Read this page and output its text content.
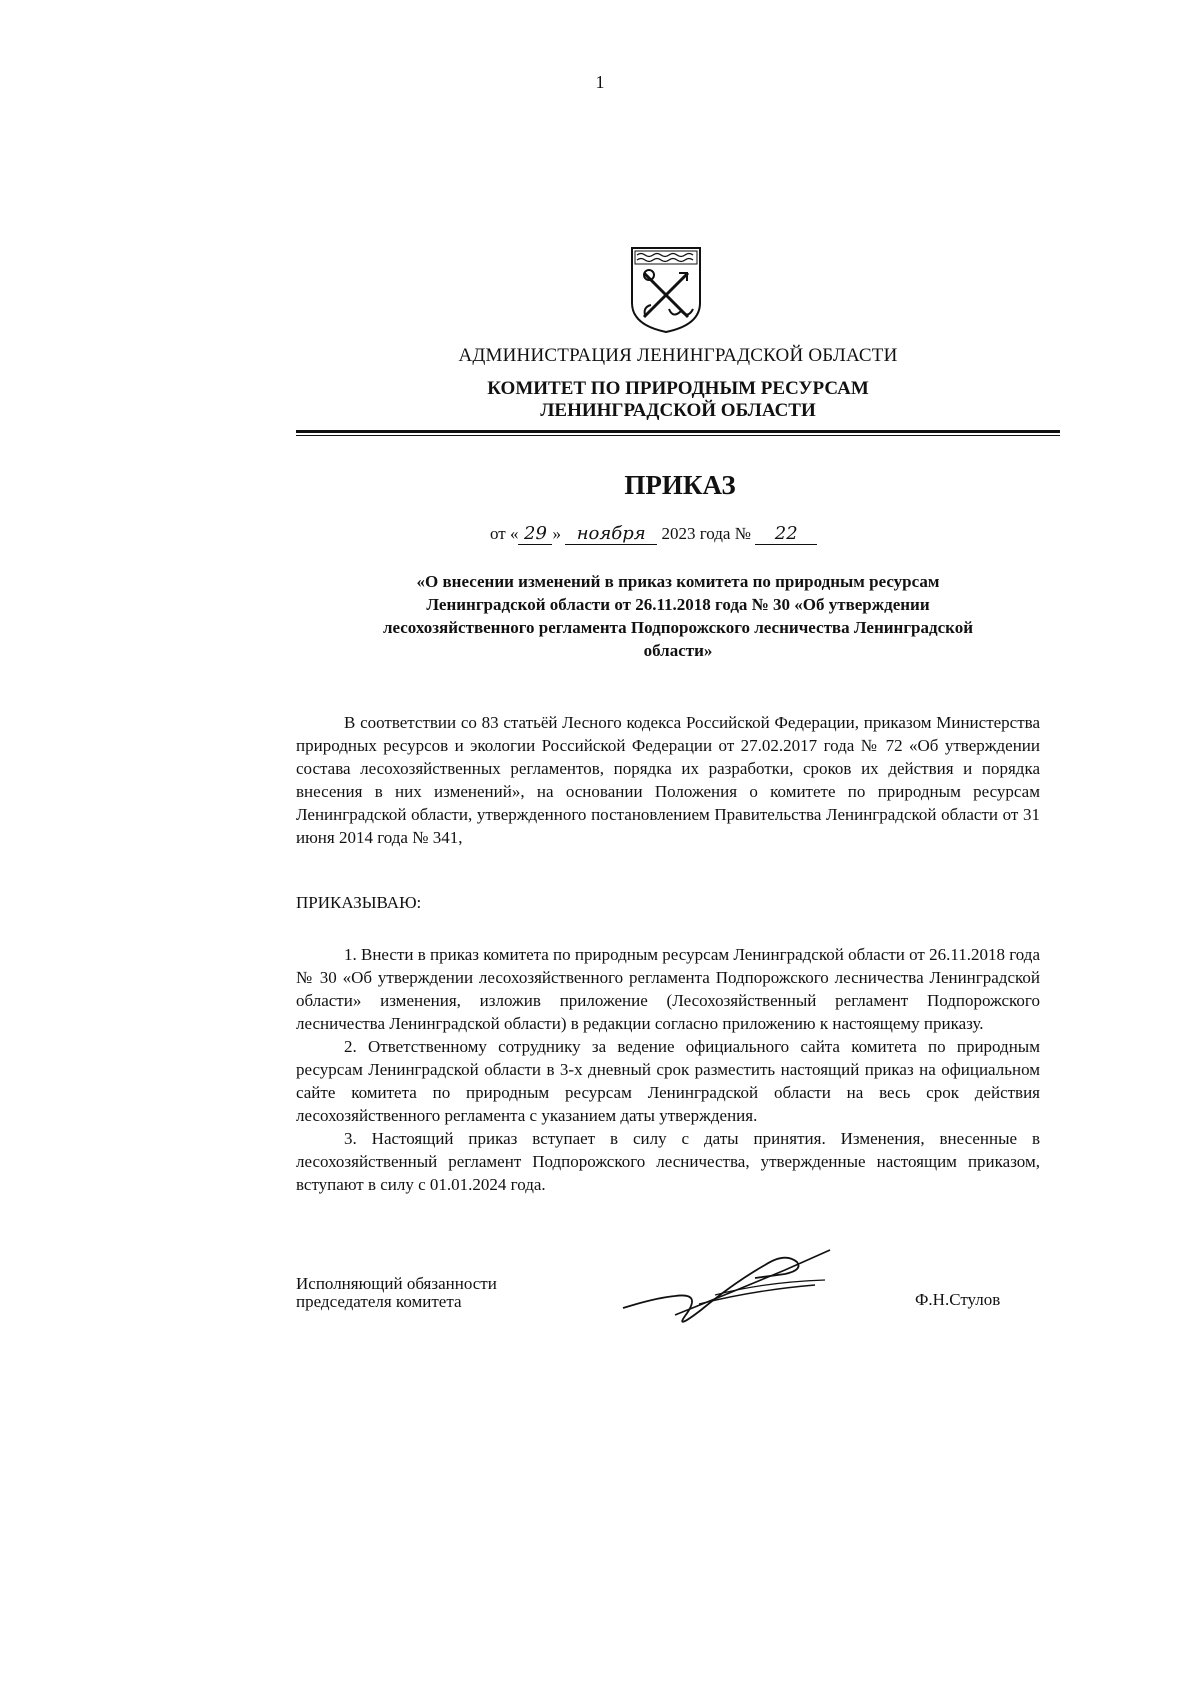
1
АДМИНИСТРАЦИЯ ЛЕНИНГРАДСКОЙ ОБЛАСТИ
КОМИТЕТ ПО ПРИРОДНЫМ РЕСУРСАМ
ЛЕНИНГРАДСКОЙ ОБЛАСТИ
ПРИКАЗ
от « 29 » ноября 2023 года № 22
«О внесении изменений в приказ комитета по природным ресурсам
Ленинградской области от 26.11.2018 года № 30 «Об утверждении
лесохозяйственного регламента Подпорожского лесничества Ленинградской
области»
В соответствии со 83 статьёй Лесного кодекса Российской Федерации, приказом Министерства природных ресурсов и экологии Российской Федерации от 27.02.2017 года № 72 «Об утверждении состава лесохозяйственных регламентов, порядка их разработки, сроков их действия и порядка внесения в них изменений», на основании Положения о комитете по природным ресурсам Ленинградской области, утвержденного постановлением Правительства Ленинградской области от 31 июня 2014 года № 341,
ПРИКАЗЫВАЮ:

1. Внести в приказ комитета по природным ресурсам Ленинградской области от 26.11.2018 года № 30 «Об утверждении лесохозяйственного регламента Подпорожского лесничества Ленинградской области» изменения, изложив приложение (Лесохозяйственный регламент Подпорожского лесничества Ленинградской области) в редакции согласно приложению к настоящему приказу.

2. Ответственному сотруднику за ведение официального сайта комитета по природным ресурсам Ленинградской области в 3-х дневный срок разместить настоящий приказ на официальном сайте комитета по природным ресурсам Ленинградской области на весь срок действия лесохозяйственного регламента с указанием даты утверждения.

3. Настоящий приказ вступает в силу с даты принятия. Изменения, внесенные в лесохозяйственный регламент Подпорожского лесничества, утвержденные настоящим приказом, вступают в силу с 01.01.2024 года.

Исполняющий обязанности
председателя комитета	Ф.Н.Стулов
